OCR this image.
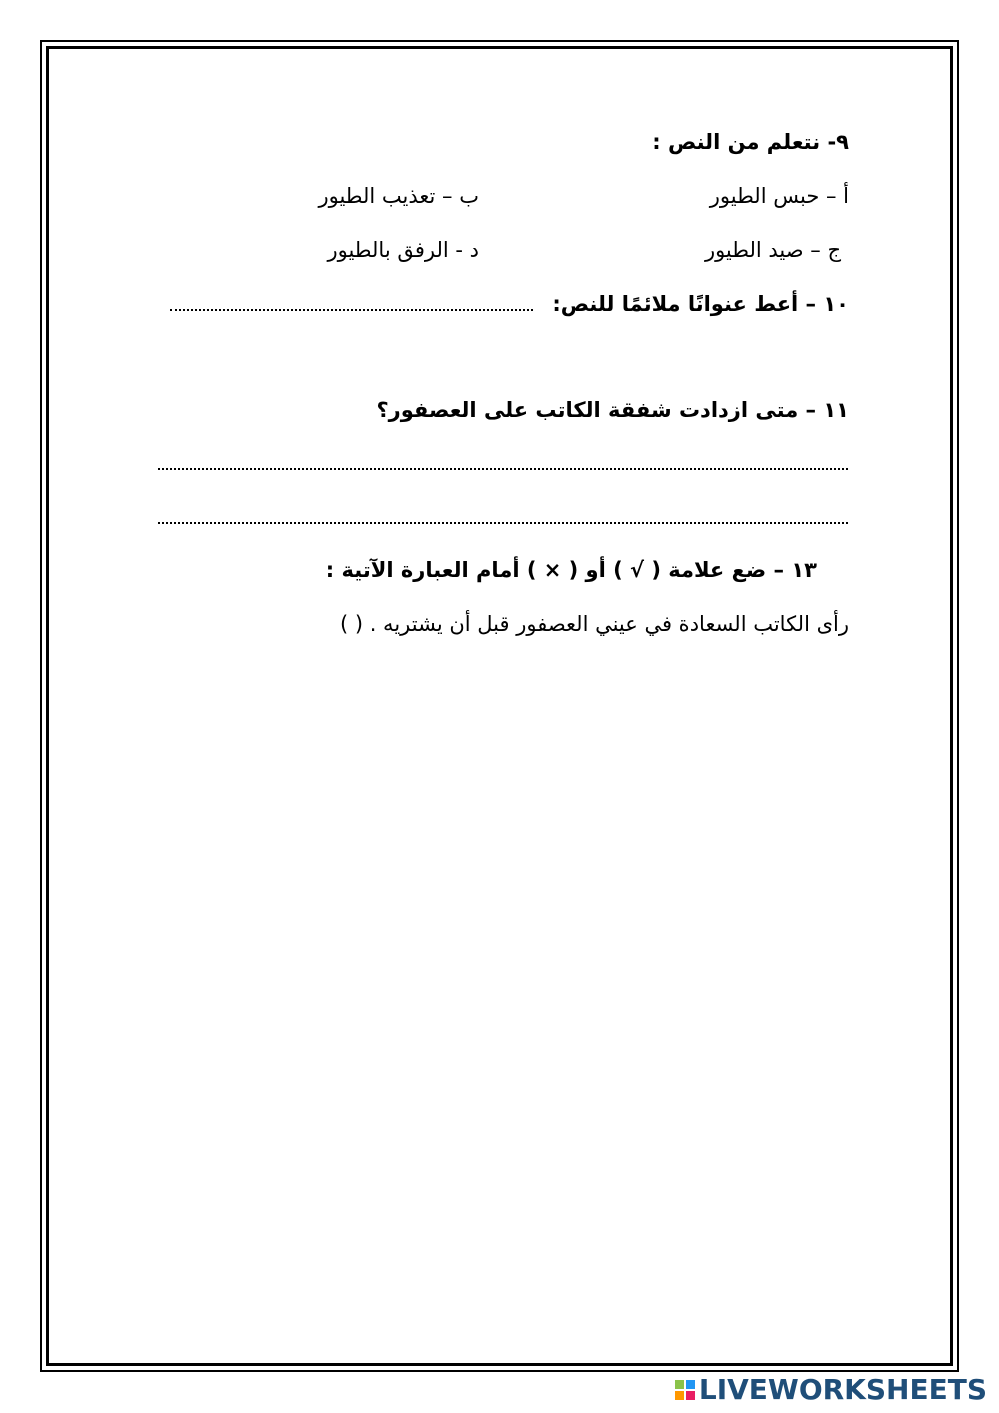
٩- نتعلم من النص :
أ – حبس الطيور
ب – تعذيب الطيور
ج – صيد الطيور
د - الرفق بالطيور
١٠ – أعط عنوانًا ملائمًا للنص:
١١ – متى ازدادت شفقة الكاتب على العصفور؟
١٣ – ضع علامة ( √ ) أو ( × ) أمام العبارة الآتية :
رأى الكاتب السعادة في عيني العصفور قبل أن يشتريه . ( )
LIVEWORKSHEETS
